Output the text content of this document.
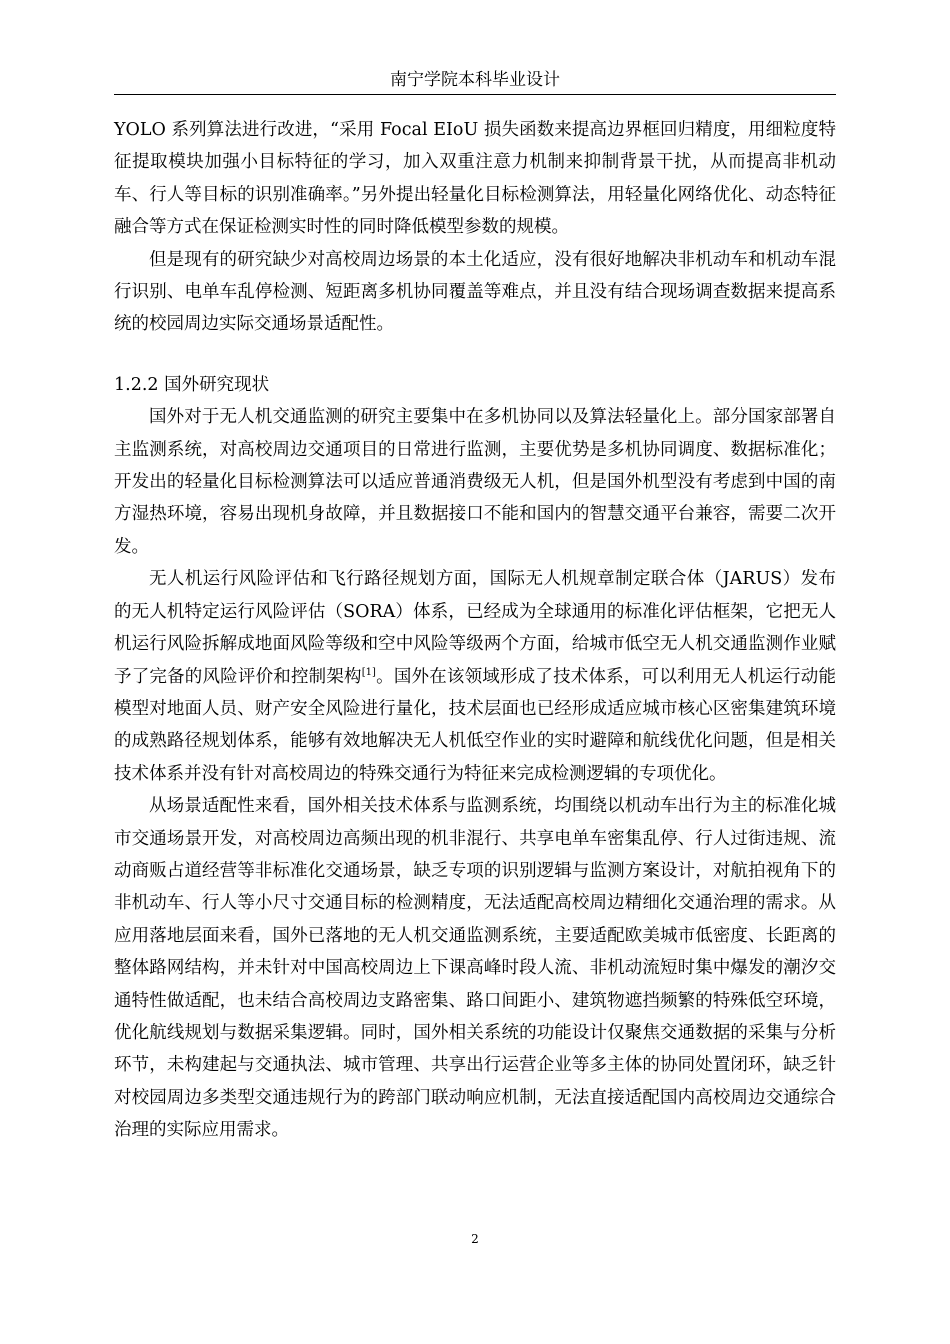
南宁学院本科毕业设计

YOLO 系列算法进行改进，“采用 Focal EIoU 损失函数来提高边界框回归精度，用细粒度特征提取模块加强小目标特征的学习，加入双重注意力机制来抑制背景干扰，从而提高非机动车、行人等目标的识别准确率。”另外提出轻量化目标检测算法，用轻量化网络优化、动态特征融合等方式在保证检测实时性的同时降低模型参数的规模。

但是现有的研究缺少对高校周边场景的本土化适应，没有很好地解决非机动车和机动车混行识别、电单车乱停检测、短距离多机协同覆盖等难点，并且没有结合现场调查数据来提高系统的校园周边实际交通场景适配性。

1.2.2 国外研究现状

国外对于无人机交通监测的研究主要集中在多机协同以及算法轻量化上。部分国家部署自主监测系统，对高校周边交通项目的日常进行监测，主要优势是多机协同调度、数据标准化；开发出的轻量化目标检测算法可以适应普通消费级无人机，但是国外机型没有考虑到中国的南方湿热环境，容易出现机身故障，并且数据接口不能和国内的智慧交通平台兼容，需要二次开发。

无人机运行风险评估和飞行路径规划方面，国际无人机规章制定联合体（JARUS）发布的无人机特定运行风险评估（SORA）体系，已经成为全球通用的标准化评估框架，它把无人机运行风险拆解成地面风险等级和空中风险等级两个方面，给城市低空无人机交通监测作业赋予了完备的风险评价和控制架构[1]。国外在该领域形成了技术体系，可以利用无人机运行动能模型对地面人员、财产安全风险进行量化，技术层面也已经形成适应城市核心区密集建筑环境的成熟路径规划体系，能够有效地解决无人机低空作业的实时避障和航线优化问题，但是相关技术体系并没有针对高校周边的特殊交通行为特征来完成检测逻辑的专项优化。

从场景适配性来看，国外相关技术体系与监测系统，均围绕以机动车出行为主的标准化城市交通场景开发，对高校周边高频出现的机非混行、共享电单车密集乱停、行人过街违规、流动商贩占道经营等非标准化交通场景，缺乏专项的识别逻辑与监测方案设计，对航拍视角下的非机动车、行人等小尺寸交通目标的检测精度，无法适配高校周边精细化交通治理的需求。从应用落地层面来看，国外已落地的无人机交通监测系统，主要适配欧美城市低密度、长距离的整体路网结构，并未针对中国高校周边上下课高峰时段人流、非机动流短时集中爆发的潮汐交通特性做适配，也未结合高校周边支路密集、路口间距小、建筑物遮挡频繁的特殊低空环境，优化航线规划与数据采集逻辑。同时，国外相关系统的功能设计仅聚焦交通数据的采集与分析环节，未构建起与交通执法、城市管理、共享出行运营企业等多主体的协同处置闭环，缺乏针对校园周边多类型交通违规行为的跨部门联动响应机制，无法直接适配国内高校周边交通综合治理的实际应用需求。

2
